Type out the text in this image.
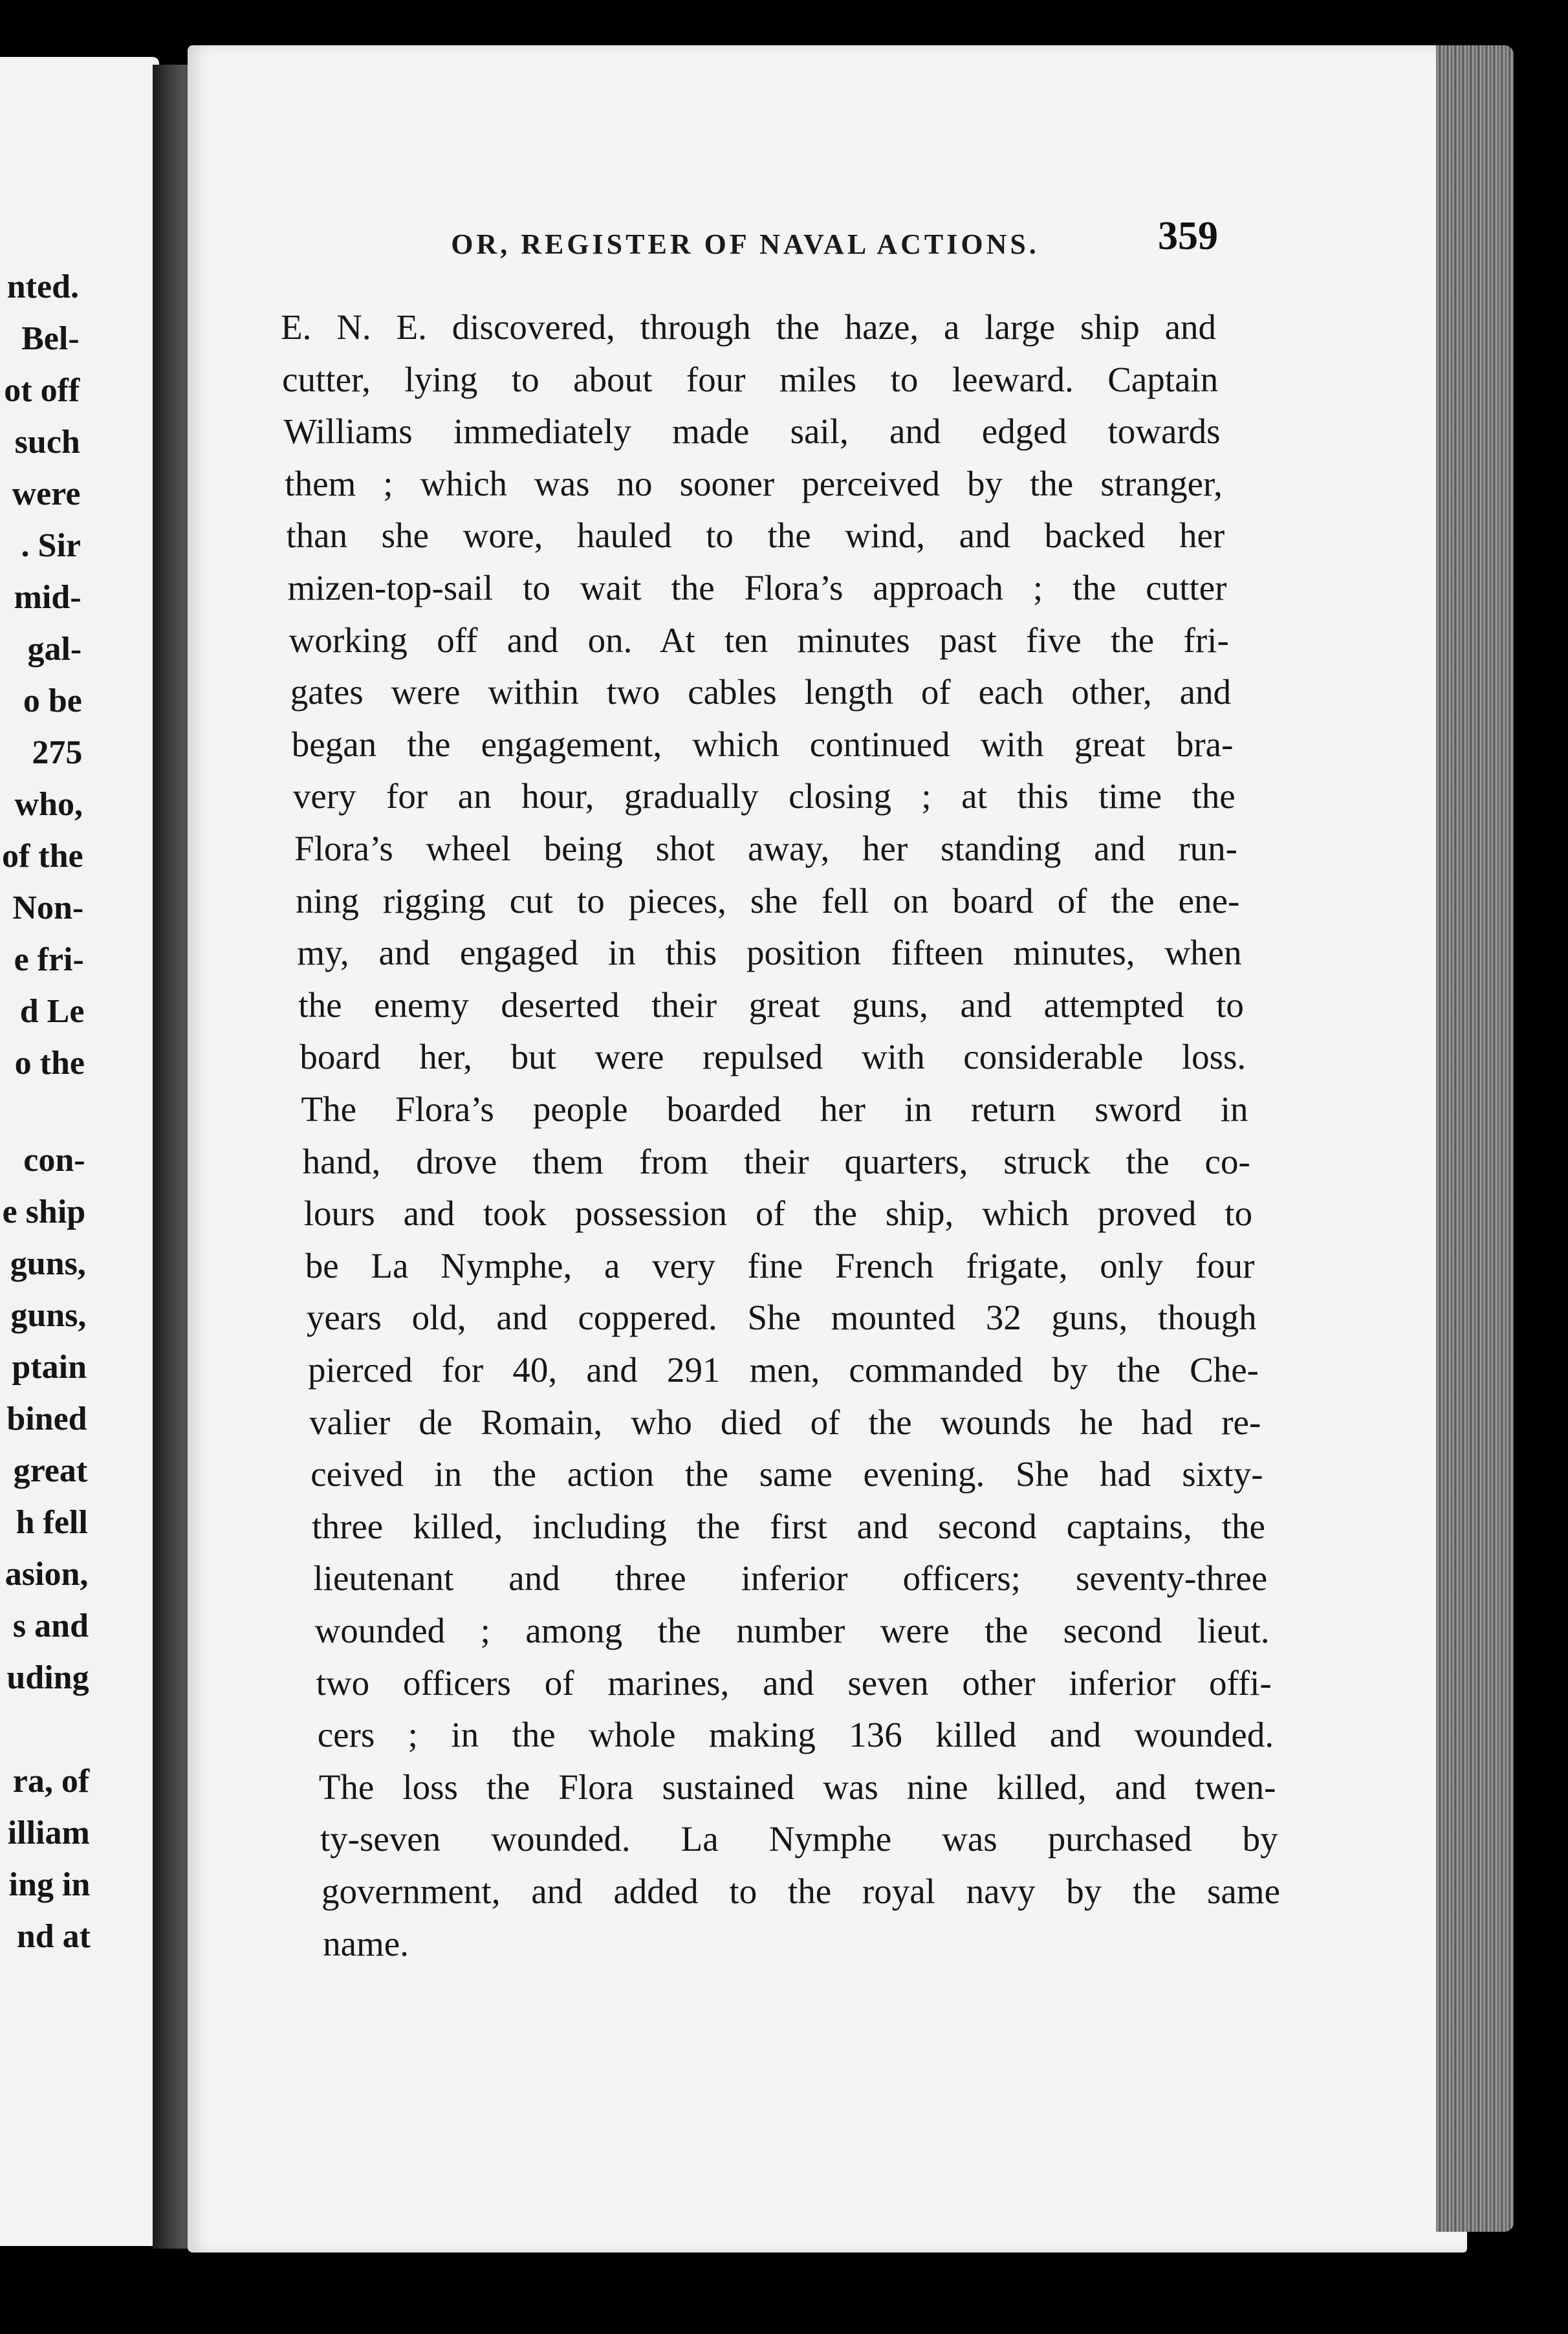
nted.
Bel-
ot off
such
were
. Sir
mid-
gal-
o be
275
who,
of the
Non-
e fri-
d Le
o the
con-
e ship
guns,
guns,
ptain
bined
great
h fell
asion,
s and
uding
ra, of
illiam
ing in
nd at
OR, REGISTER OF NAVAL ACTIONS.	359
E. N. E. discovered, through the haze, a large ship and
cutter, lying to about four miles to leeward. Captain
Williams immediately made sail, and edged towards
them ; which was no sooner perceived by the stranger,
than she wore, hauled to the wind, and backed her
mizen-top-sail to wait the Flora’s approach ; the cutter
working off and on. At ten minutes past five the fri-
gates were within two cables length of each other, and
began the engagement, which continued with great bra-
very for an hour, gradually closing ; at this time the
Flora’s wheel being shot away, her standing and run-
ning rigging cut to pieces, she fell on board of the ene-
my, and engaged in this position fifteen minutes, when
the enemy deserted their great guns, and attempted to
board her, but were repulsed with considerable loss.
The Flora’s people boarded her in return sword in
hand, drove them from their quarters, struck the co-
lours and took possession of the ship, which proved to
be La Nymphe, a very fine French frigate, only four
years old, and coppered. She mounted 32 guns, though
pierced for 40, and 291 men, commanded by the Che-
valier de Romain, who died of the wounds he had re-
ceived in the action the same evening. She had sixty-
three killed, including the first and second captains, the
lieutenant and three inferior officers; seventy-three
wounded ; among the number were the second lieut.
two officers of marines, and seven other inferior offi-
cers ; in the whole making 136 killed and wounded.
The loss the Flora sustained was nine killed, and twen-
ty-seven wounded. La Nymphe was purchased by
government, and added to the royal navy by the same
name.
